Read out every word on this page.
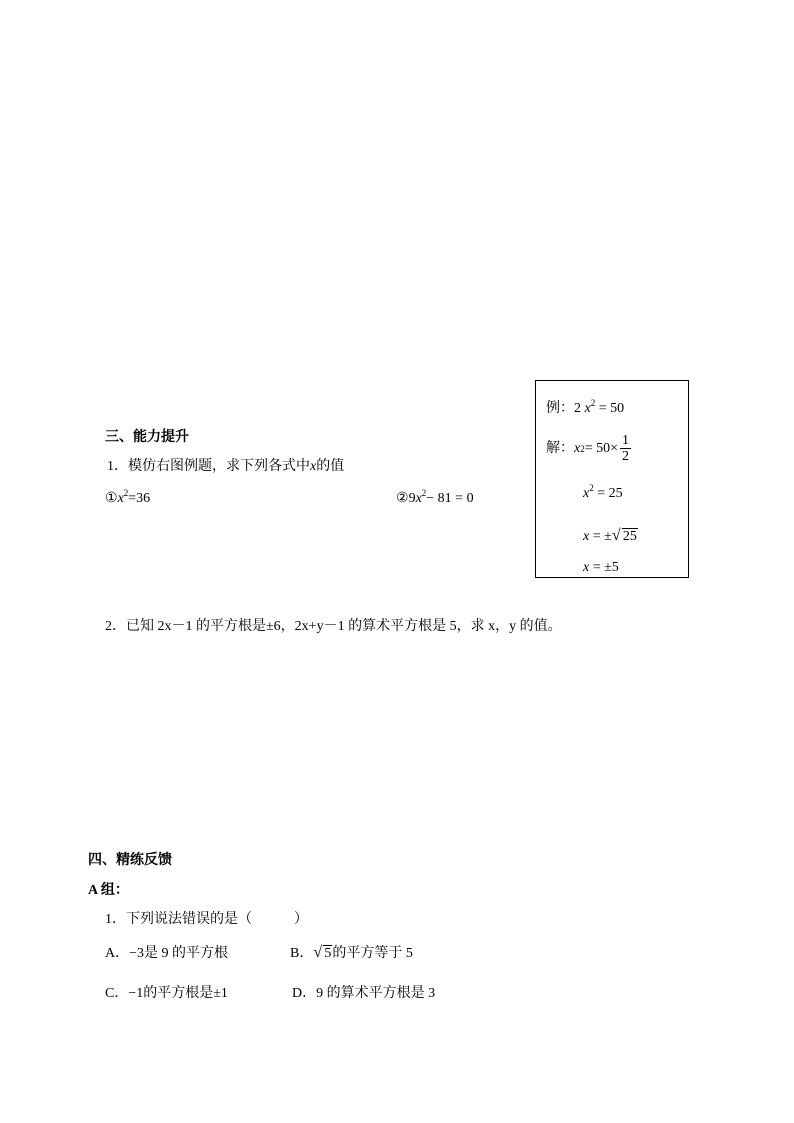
三、能力提升
1．模仿右图例题，求下列各式中x的值
$①x^2=36$	$②9x^2- 81 = 0$
例：2 $x^2 = 50$
解： x $2 = 50\times \frac{1}{2}$
$x^2 = 25$
x = ± √ 25
x = ±5
2．已知 2x－1 的平方根是±6，2x+y－1 的算术平方根是 5，求 x，y 的值。
四、精练反馈
A 组：
1．下列说法错误的是（　　　）
A．−3是 9 的平方根	B． √ 5的平方等于 5
C．−1的平方根是±1	D．9 的算术平方根是 3
